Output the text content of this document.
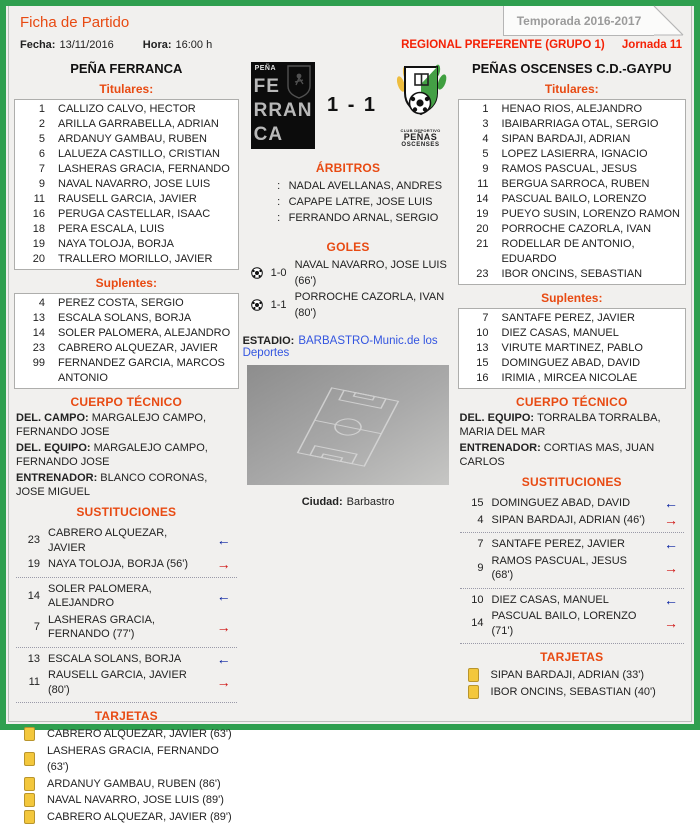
Ficha de Partido	Temporada 2016-2017
Fecha: 13/11/2016	Hora: 16:00 h	REGIONAL PREFERENTE (GRUPO 1) Jornada 11
PEÑA FERRANCA
Titulares:
1 CALLIZO CALVO, HECTOR
2 ARILLA GARRABELLA, ADRIAN
5 ARDANUY GAMBAU, RUBEN
6 LALUEZA CASTILLO, CRISTIAN
7 LASHERAS GRACIA, FERNANDO
9 NAVAL NAVARRO, JOSE LUIS
11 RAUSELL GARCIA, JAVIER
16 PERUGA CASTELLAR, ISAAC
18 PERA ESCALA, LUIS
19 NAYA TOLOJA, BORJA
20 TRALLERO MORILLO, JAVIER
Suplentes:
4 PEREZ COSTA, SERGIO
13 ESCALA SOLANS, BORJA
14 SOLER PALOMERA, ALEJANDRO
23 CABRERO ALQUEZAR, JAVIER
99 FERNANDEZ GARCIA, MARCOS ANTONIO
CUERPO TÉCNICO
DEL. CAMPO: MARGALEJO CAMPO, FERNANDO JOSE
DEL. EQUIPO: MARGALEJO CAMPO, FERNANDO JOSE
ENTRENADOR: BLANCO CORONAS, JOSE MIGUEL
SUSTITUCIONES
23
CABRERO ALQUEZAR, JAVIER	←
19 NAYA TOLOJA, BORJA (56')	→
14
SOLER PALOMERA, ALEJANDRO	←
7
LASHERAS GRACIA, FERNANDO (77')	→
13 ESCALA SOLANS, BORJA	←
11
RAUSELL GARCIA, JAVIER (80')	→
TARJETAS
CABRERO ALQUEZAR, JAVIER (63')
LASHERAS GRACIA, FERNANDO (63')
ARDANUY GAMBAU, RUBEN (86')
NAVAL NAVARRO, JOSE LUIS (89')
CABRERO ALQUEZAR, JAVIER (89')
PEÑA
FE
RRAN
CA
1 - 1
CLUB DEPORTIVO
PEÑAS
OSCENSES
ÁRBITROS
: NADAL AVELLANAS, ANDRES
: CAPAPE LATRE, JOSE LUIS
: FERRANDO ARNAL, SERGIO
GOLES
1-0
NAVAL NAVARRO, JOSE LUIS (66')
1-1
PORROCHE CAZORLA, IVAN (80')
ESTADIO: BARBASTRO-Munic.de los Deportes
Ciudad: Barbastro
PEÑAS OSCENSES C.D.-GAYPU
Titulares:
1 HENAO RIOS, ALEJANDRO
3 IBAIBARRIAGA OTAL, SERGIO
4 SIPAN BARDAJI, ADRIAN
5 LOPEZ LASIERRA, IGNACIO
9 RAMOS PASCUAL, JESUS
11 BERGUA SARROCA, RUBEN
14 PASCUAL BAILO, LORENZO
19 PUEYO SUSIN, LORENZO RAMON
20 PORROCHE CAZORLA, IVAN
21 RODELLAR DE ANTONIO, EDUARDO
23 IBOR ONCINS, SEBASTIAN
Suplentes:
7 SANTAFE PEREZ, JAVIER
10 DIEZ CASAS, MANUEL
13 VIRUTE MARTINEZ, PABLO
15 DOMINGUEZ ABAD, DAVID
16 IRIMIA , MIRCEA NICOLAE
CUERPO TÉCNICO
DEL. EQUIPO: TORRALBA TORRALBA, MARIA DEL MAR
ENTRENADOR: CORTIAS MAS, JUAN CARLOS
SUSTITUCIONES
15 DOMINGUEZ ABAD, DAVID	←
4 SIPAN BARDAJI, ADRIAN (46')	→
7 SANTAFE PEREZ, JAVIER	←
9
RAMOS PASCUAL, JESUS (68')	→
10 DIEZ CASAS, MANUEL	←
14
PASCUAL BAILO, LORENZO (71')	→
TARJETAS
SIPAN BARDAJI, ADRIAN (33')
IBOR ONCINS, SEBASTIAN (40')
